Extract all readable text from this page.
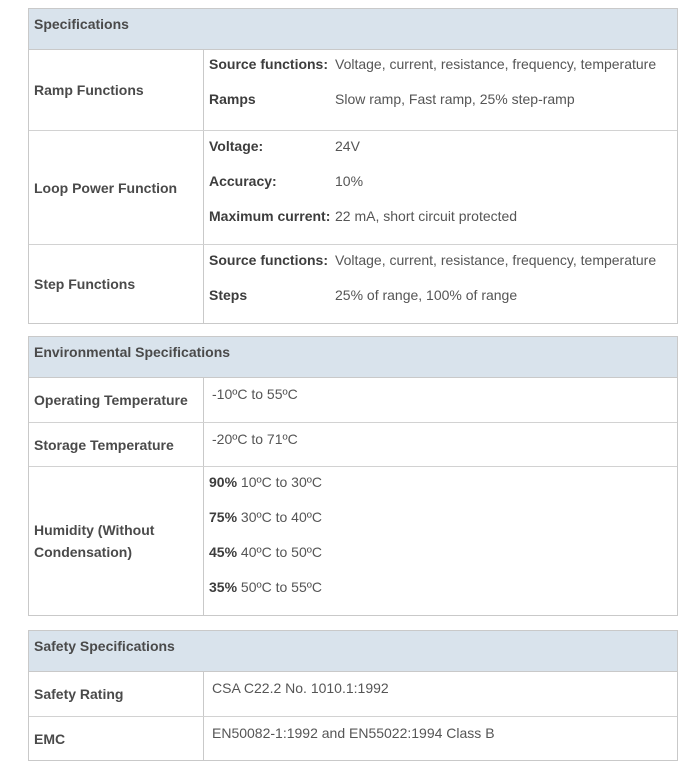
Specifications
Ramp Functions
Source functions: Voltage, current, resistance, frequency, temperature
Ramps	Slow ramp, Fast ramp, 25% step-ramp
Loop Power Function
Voltage:	24V
Accuracy:	10%
Maximum current: 22 mA, short circuit protected
Step Functions
Source functions: Voltage, current, resistance, frequency, temperature
Steps	25% of range, 100% of range
Environmental Specifications
Operating Temperature	-10ºC to 55ºC
Storage Temperature	-20ºC to 71ºC
Humidity (Without Condensation)
90% 10ºC to 30ºC
75% 30ºC to 40ºC
45% 40ºC to 50ºC
35% 50ºC to 55ºC
Safety Specifications
Safety Rating	CSA C22.2 No. 1010.1:1992
EMC	EN50082-1:1992 and EN55022:1994 Class B
